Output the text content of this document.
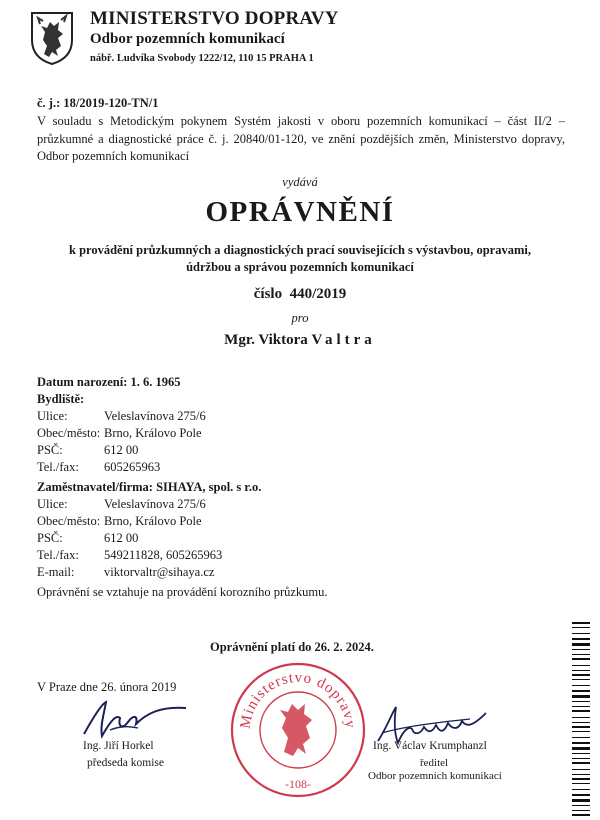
MINISTERSTVO DOPRAVY
Odbor pozemních komunikací
nábř. Ludvíka Svobody 1222/12, 110 15 PRAHA 1
č. j.: 18/2019-120-TN/1
V souladu s Metodickým pokynem Systém jakosti v oboru pozemních komunikací – část II/2 – průzkumné a diagnostické práce č. j. 20840/01-120, ve znění pozdějších změn, Ministerstvo dopravy, Odbor pozemních komunikací
vydává
OPRÁVNĚNÍ
k provádění průzkumných a diagnostických prací souvisejících s výstavbou, opravami,
údržbou a správou pozemních komunikací
číslo  440/2019
pro
Mgr. Viktora Valtra
Datum narození: 1. 6. 1965
Bydliště:
Ulice:	Veleslavínova 275/6
Obec/město: Brno, Královo Pole
PSČ:	612 00
Tel./fax: 605265963
Zaměstnavatel/firma: SIHAYA, spol. s r.o.
Ulice:	Veleslavínova 275/6
Obec/město: Brno, Královo Pole
PSČ:	612 00
Tel./fax: 549211828, 605265963
E-mail: viktorvaltr@sihaya.cz
Oprávnění se vztahuje na provádění korozního průzkumu.
Oprávnění platí do 26. 2. 2024.
V Praze dne 26. února 2019
Ministerstvo dopravy
-108-
Ing. Jiří Horkel
předseda komise
Ing. Václav Krumphanzl
ředitel
Odbor pozemních komunikací
